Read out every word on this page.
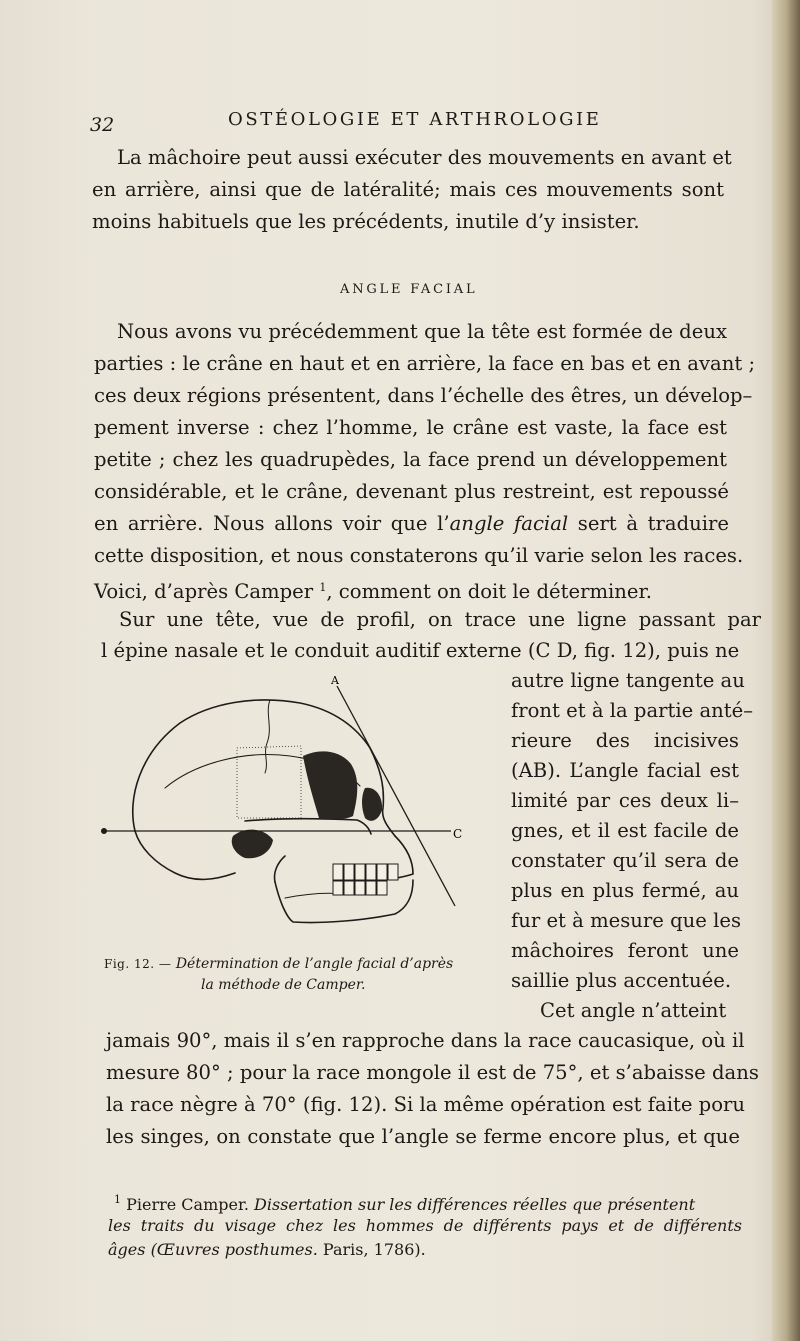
32	OSTÉOLOGIE ET ARTHROLOGIE
La mâchoire peut aussi exécuter des mouvements en avant et
en arrière, ainsi que de latéralité; mais ces mouvements sont
moins habituels que les précédents, inutile d’y insister.
ANGLE FACIAL
Nous avons vu précédemment que la tête est formée de deux
parties : le crâne en haut et en arrière, la face en bas et en avant ;
ces deux régions présentent, dans l’échelle des êtres, un dévelop–
pement inverse : chez l’homme, le crâne est vaste, la face est
petite ; chez les quadrupèdes, la face prend un développement
considérable, et le crâne, devenant plus restreint, est repoussé
en arrière. Nous allons voir que l’angle facial sert à traduire
cette disposition, et nous constaterons qu’il varie selon les races.
Voici, d’après Camper $^1$, comment on doit le déterminer.
Sur une tête, vue de profil, on trace une ligne passant par
l épine nasale et le conduit auditif externe (C D, fig. 12), puis ne
autre ligne tangente au
front et à la partie anté–
rieure des incisives
(AB). L’angle facial est
limité par ces deux li–
gnes, et il est facile de
constater qu’il sera de
plus en plus fermé, au
fur et à mesure que les
mâchoires feront une
saillie plus accentuée.
Cet angle n’atteint
jamais 90°, mais il s’en rapproche dans la race caucasique, où il
mesure 80° ; pour la race mongole il est de 75°, et s’abaisse dans
la race nègre à 70° (fig. 12). Si la même opération est faite poru
les singes, on constate que l’angle se ferme encore plus, et que
A
C
Fig. 12. — Détermination de l’angle facial d’après
la méthode de Camper.
$^1$ Pierre Camper. Dissertation sur les différences réelles que présentent
les traits du visage chez les hommes de différents pays et de différents
âges (Œuvres posthumes. Paris, 1786).
